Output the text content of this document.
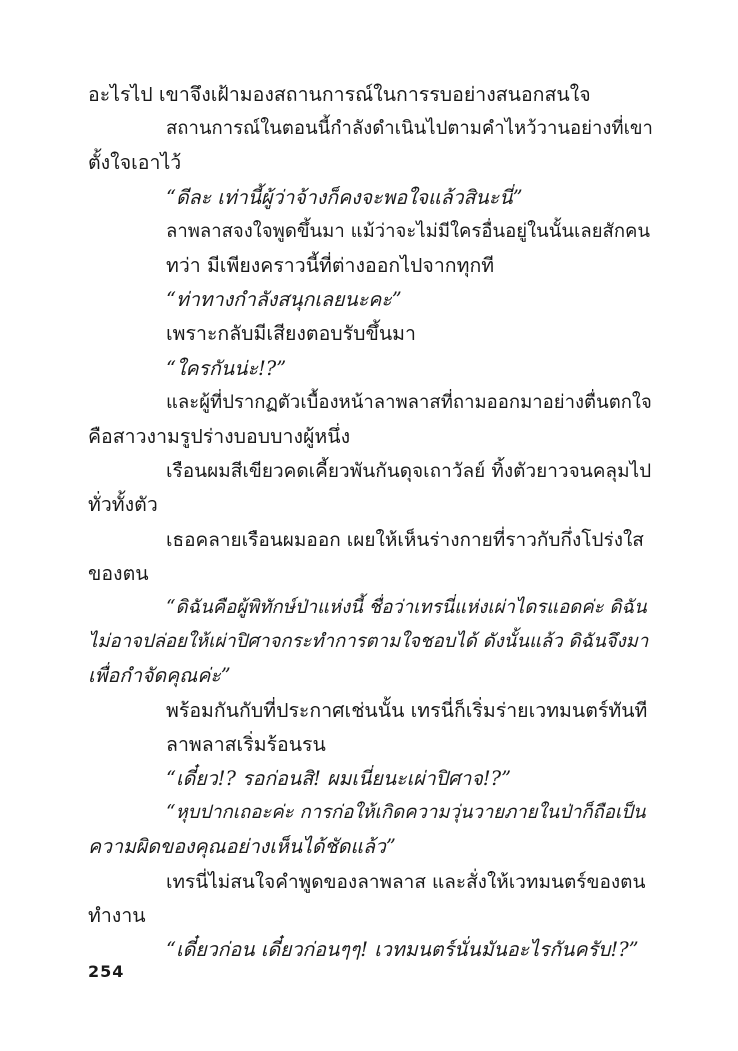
อะไรไป เขาจึงเฝ้ามองสถานการณ์ในการรบอย่างสนอกสนใจ
สถานการณ์ในตอนนี้กำลังดำเนินไปตามคำไหว้วานอย่างที่เขา
ตั้งใจเอาไว้
“ดีละ เท่านี้ผู้ว่าจ้างก็คงจะพอใจแล้วสินะนี่”
ลาพลาสจงใจพูดขึ้นมา แม้ว่าจะไม่มีใครอื่นอยู่ในนั้นเลยสักคน
ทว่า มีเพียงคราวนี้ที่ต่างออกไปจากทุกที
“ท่าทางกำลังสนุกเลยนะคะ”
เพราะกลับมีเสียงตอบรับขึ้นมา
“ใครกันน่ะ!?”
และผู้ที่ปรากฏตัวเบื้องหน้าลาพลาสที่ถามออกมาอย่างตื่นตกใจ
คือสาวงามรูปร่างบอบบางผู้หนึ่ง
เรือนผมสีเขียวคดเคี้ยวพันกันดุจเถาวัลย์ ทิ้งตัวยาวจนคลุมไป
ทั่วทั้งตัว
เธอคลายเรือนผมออก เผยให้เห็นร่างกายที่ราวกับกึ่งโปร่งใส
ของตน
“ดิฉันคือผู้พิทักษ์ป่าแห่งนี้ ชื่อว่าเทรนี่แห่งเผ่าไดรแอดค่ะ ดิฉัน
ไม่อาจปล่อยให้เผ่าปิศาจกระทำการตามใจชอบได้ ดังนั้นแล้ว ดิฉันจึงมา
เพื่อกำจัดคุณค่ะ”
พร้อมกันกับที่ประกาศเช่นนั้น เทรนี่ก็เริ่มร่ายเวทมนตร์ทันที
ลาพลาสเริ่มร้อนรน
“เดี๋ยว!? รอก่อนสิ! ผมเนี่ยนะเผ่าปิศาจ!?”
“หุบปากเถอะค่ะ การก่อให้เกิดความวุ่นวายภายในป่าก็ถือเป็น
ความผิดของคุณอย่างเห็นได้ชัดแล้ว”
เทรนี่ไม่สนใจคำพูดของลาพลาส และสั่งให้เวทมนตร์ของตน
ทำงาน
“เดี๋ยวก่อน เดี๋ยวก่อนๆๆ! เวทมนตร์นั่นมันอะไรกันครับ!?”
254
